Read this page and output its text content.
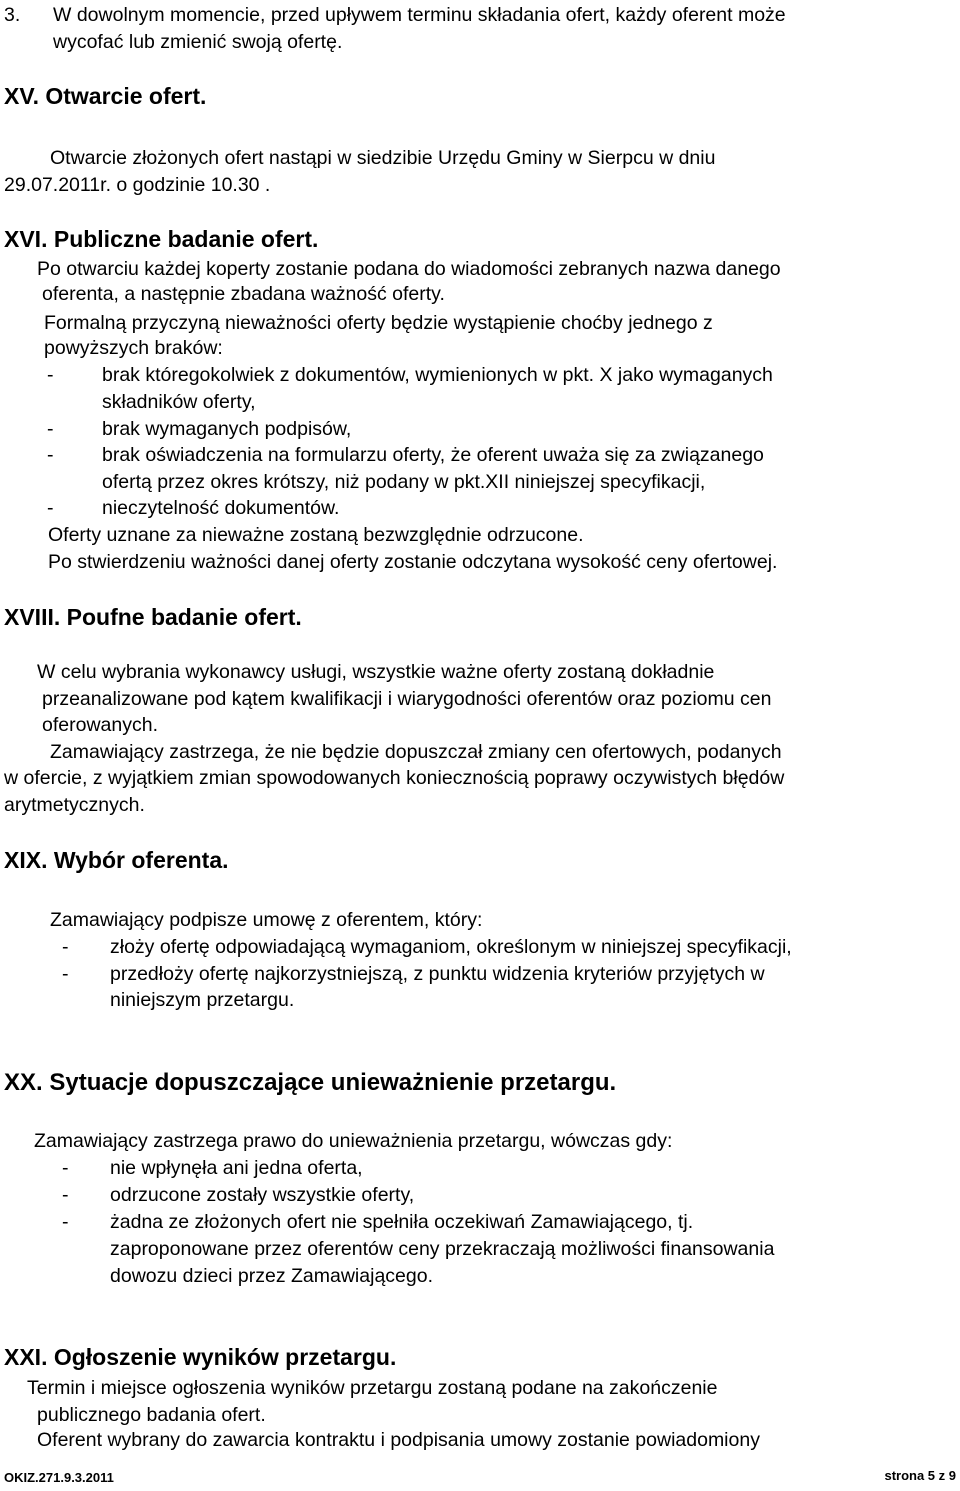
3. W dowolnym momencie, przed upływem terminu składania ofert, każdy oferent może
wycofać lub zmienić swoją ofertę.
XV. Otwarcie ofert.
Otwarcie złożonych ofert nastąpi w siedzibie Urzędu Gminy w Sierpcu w dniu
29.07.2011r. o godzinie 10.30 .
XVI. Publiczne badanie ofert.
Po otwarciu każdej koperty zostanie podana do wiadomości zebranych nazwa danego
oferenta, a następnie zbadana ważność oferty.
Formalną przyczyną nieważności oferty będzie wystąpienie choćby jednego z
powyższych braków:
- brak któregokolwiek z dokumentów, wymienionych w pkt. X jako wymaganych
składników oferty,
- brak wymaganych podpisów,
- brak oświadczenia na formularzu oferty, że oferent uważa się za związanego
ofertą przez okres krótszy, niż podany w pkt.XII niniejszej specyfikacji,
- nieczytelność dokumentów.
Oferty uznane za nieważne zostaną bezwzględnie odrzucone.
Po stwierdzeniu ważności danej oferty zostanie odczytana wysokość ceny ofertowej.
XVIII. Poufne badanie ofert.
W celu wybrania wykonawcy usługi, wszystkie ważne oferty zostaną dokładnie
przeanalizowane pod kątem kwalifikacji i wiarygodności oferentów oraz poziomu cen
oferowanych.
Zamawiający zastrzega, że nie będzie dopuszczał zmiany cen ofertowych, podanych
w ofercie, z wyjątkiem zmian spowodowanych koniecznością poprawy oczywistych błędów
arytmetycznych.
XIX. Wybór oferenta.
Zamawiający podpisze umowę z oferentem, który:
- złoży ofertę odpowiadającą wymaganiom, określonym w niniejszej specyfikacji,
- przedłoży ofertę najkorzystniejszą, z punktu widzenia kryteriów przyjętych w
niniejszym przetargu.
XX. Sytuacje dopuszczające unieważnienie przetargu.
Zamawiający zastrzega prawo do unieważnienia przetargu, wówczas gdy:
- nie wpłynęła ani jedna oferta,
- odrzucone zostały wszystkie oferty,
- żadna ze złożonych ofert nie spełniła oczekiwań Zamawiającego, tj.
zaproponowane przez oferentów ceny przekraczają możliwości finansowania
dowozu dzieci przez Zamawiającego.
XXI. Ogłoszenie wyników przetargu.
Termin i miejsce ogłoszenia wyników przetargu zostaną podane na zakończenie
publicznego badania ofert.
Oferent wybrany do zawarcia kontraktu i podpisania umowy zostanie powiadomiony
OKIZ.271.9.3.2011	strona 5 z 9
